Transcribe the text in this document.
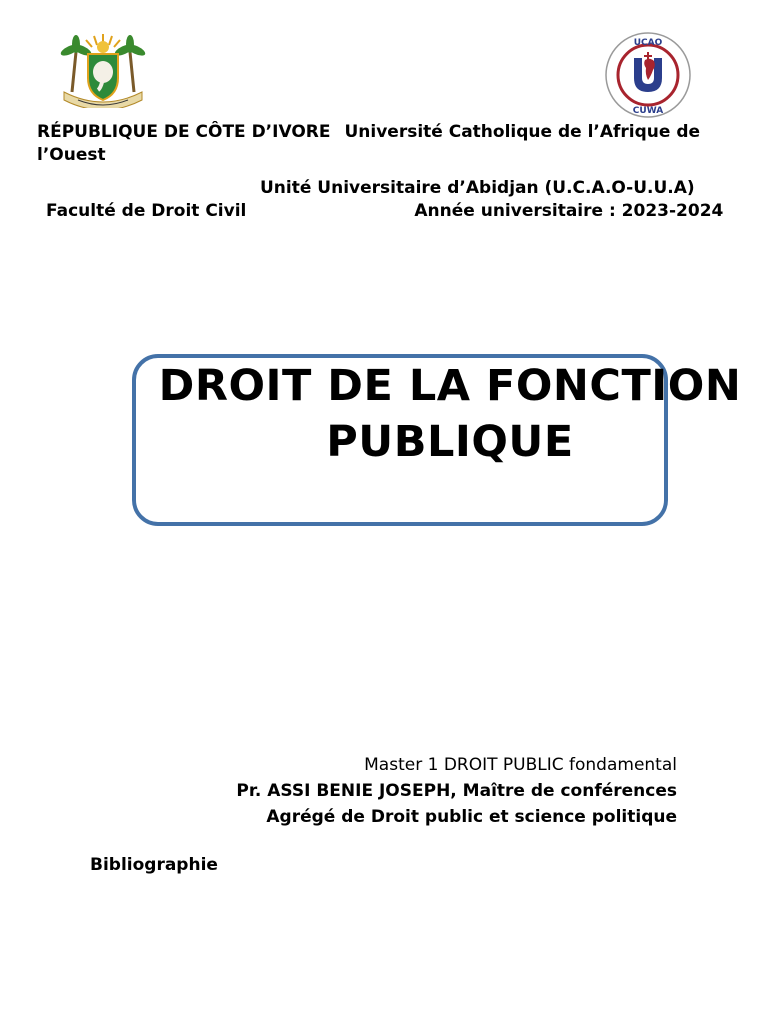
UCAO
CUWA
RÉPUBLIQUE DE CÔTE D’IVORE Université Catholique de l’Afrique de l’Ouest
Unité Universitaire d’Abidjan (U.C.A.O-U.U.A)
Faculté de Droit Civil	Année universitaire : 2023-2024
DROIT DE LA FONCTION
PUBLIQUE
Master 1 DROIT PUBLIC fondamental
Pr. ASSI BENIE JOSEPH, Maître de conférences
Agrégé de Droit public et science politique
Bibliographie
